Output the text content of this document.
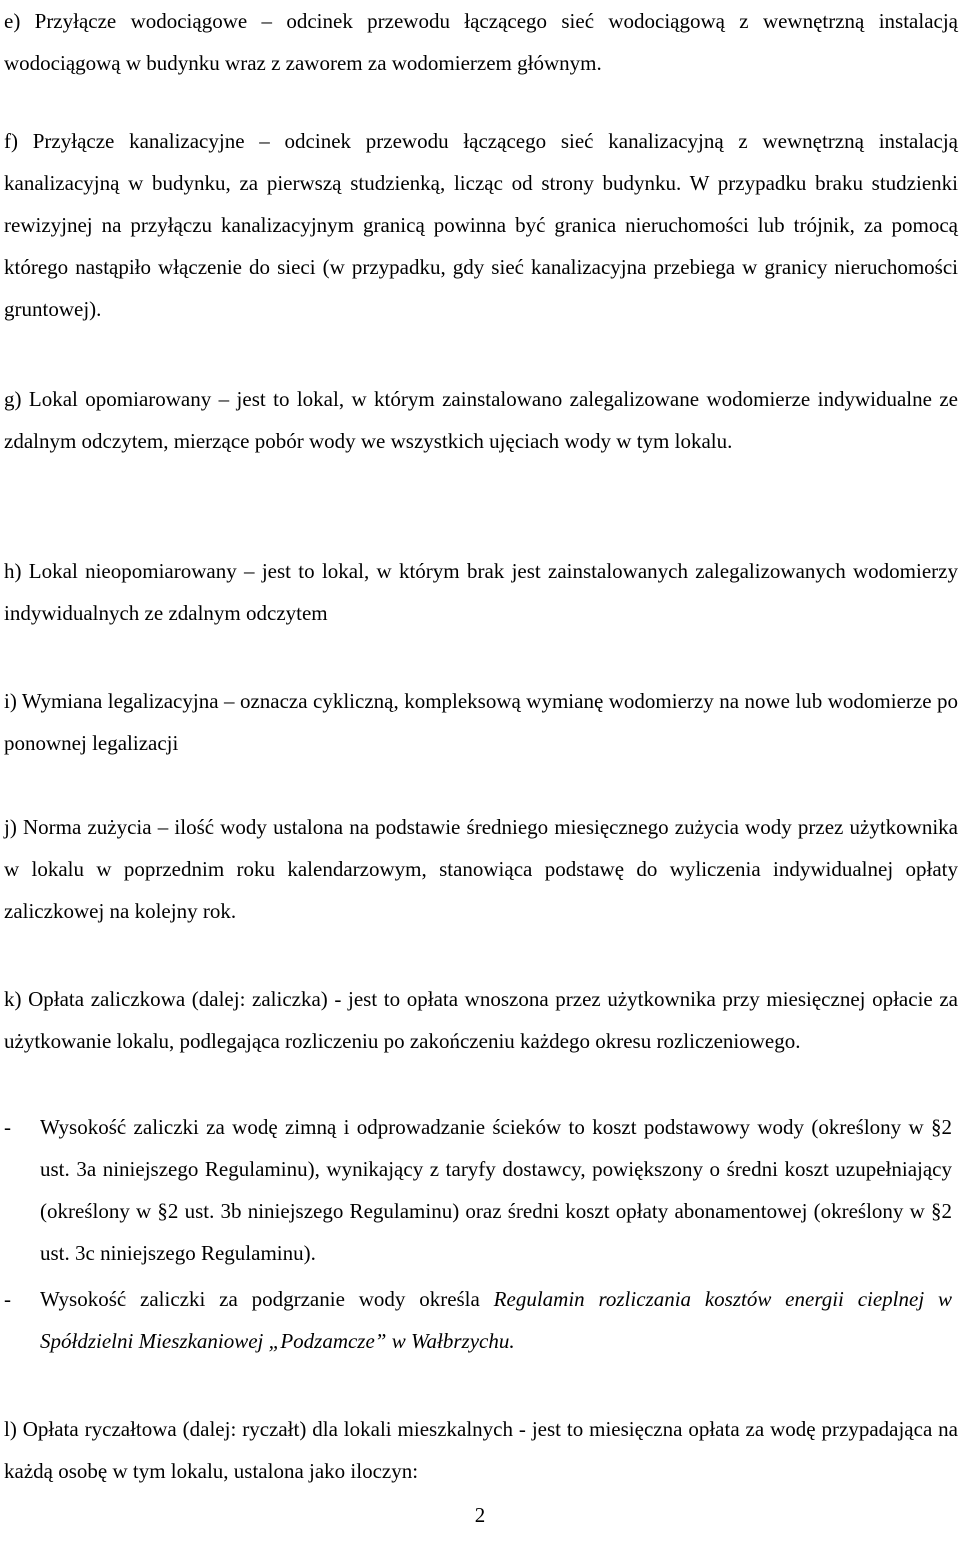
e) Przyłącze wodociągowe – odcinek przewodu łączącego sieć wodociągową z wewnętrzną instalacją wodociągową w budynku wraz z zaworem za wodomierzem głównym.

f) Przyłącze kanalizacyjne – odcinek przewodu łączącego sieć kanalizacyjną z wewnętrzną instalacją kanalizacyjną w budynku, za pierwszą studzienką, licząc od strony budynku. W przypadku braku studzienki rewizyjnej na przyłączu kanalizacyjnym granicą powinna być granica nieruchomości lub trójnik, za pomocą którego nastąpiło włączenie do sieci (w przypadku, gdy sieć kanalizacyjna przebiega w granicy nieruchomości gruntowej).

g) Lokal opomiarowany – jest to lokal, w którym zainstalowano zalegalizowane wodomierze indywidualne ze zdalnym odczytem, mierzące pobór wody we wszystkich ujęciach wody w tym lokalu.

h) Lokal nieopomiarowany – jest to lokal, w którym brak jest zainstalowanych zalegalizowanych wodomierzy indywidualnych ze zdalnym odczytem

i) Wymiana legalizacyjna – oznacza cykliczną, kompleksową wymianę wodomierzy na nowe lub wodomierze po ponownej legalizacji

j) Norma zużycia – ilość wody ustalona na podstawie średniego miesięcznego zużycia wody przez użytkownika w lokalu w poprzednim roku kalendarzowym, stanowiąca podstawę do wyliczenia indywidualnej opłaty zaliczkowej na kolejny rok.

k) Opłata zaliczkowa (dalej: zaliczka) - jest to opłata wnoszona przez użytkownika przy miesięcznej opłacie za użytkowanie lokalu, podlegająca rozliczeniu po zakończeniu każdego okresu rozliczeniowego.

-	Wysokość zaliczki za wodę zimną i odprowadzanie ścieków to koszt podstawowy wody (określony w §2 ust. 3a niniejszego Regulaminu), wynikający z taryfy dostawcy, powiększony o średni koszt uzupełniający (określony w §2 ust. 3b niniejszego Regulaminu) oraz średni koszt opłaty abonamentowej (określony w §2 ust. 3c niniejszego Regulaminu).
-	Wysokość zaliczki za podgrzanie wody określa Regulamin rozliczania kosztów energii cieplnej w Spółdzielni Mieszkaniowej „Podzamcze” w Wałbrzychu.

l) Opłata ryczałtowa (dalej: ryczałt) dla lokali mieszkalnych - jest to miesięczna opłata za wodę przypadająca na każdą osobę w tym lokalu, ustalona jako iloczyn:

2
